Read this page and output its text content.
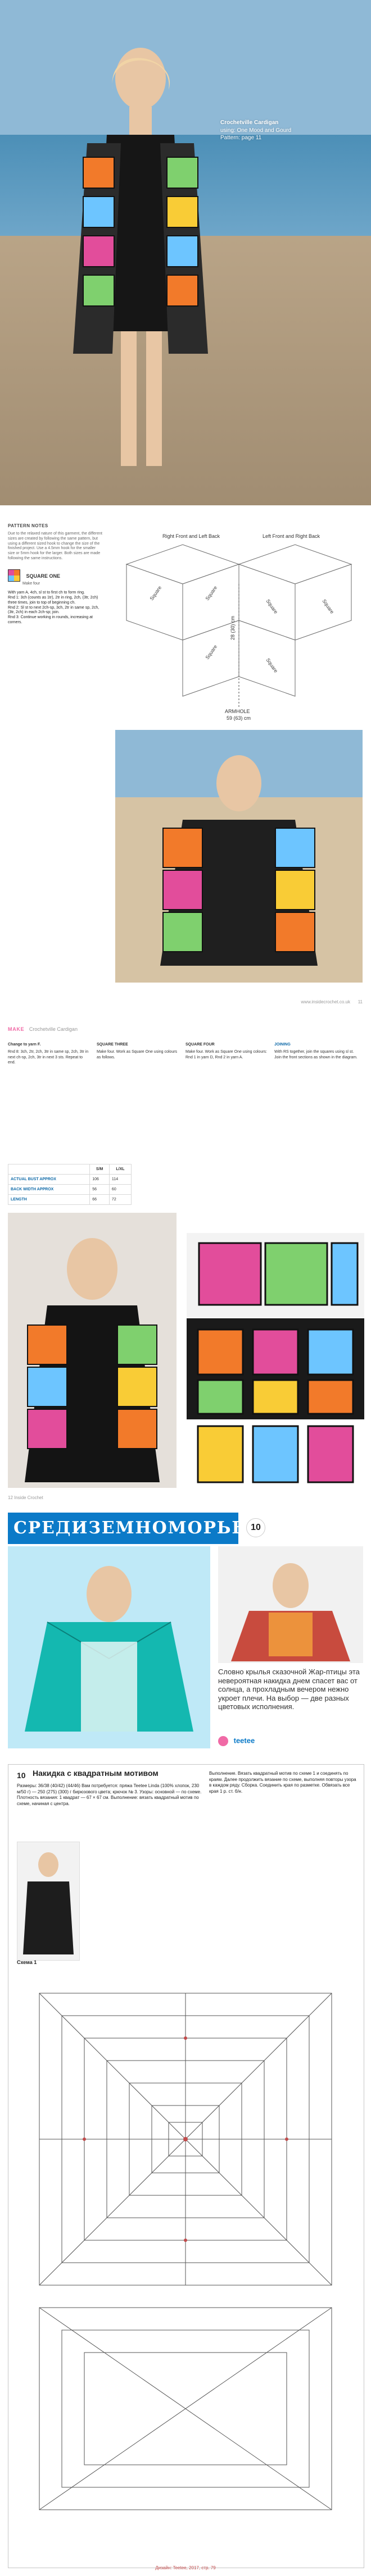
Crochetville Cardigan
using: One Mood and Gourd
Pattern: page 11
PATTERN NOTES
Due to the relaxed nature of this garment, the different sizes are created by following the same pattern, but using a different sized hook to change the size of the finished project. Use a 4.5mm hook for the smaller size or 5mm hook for the larger. Both sizes are made following the same instructions.
SQUARE ONE
Make four
With yarn A, 4ch, sl st to first ch to form ring.
Rnd 1: 3ch (counts as 1tr), 2tr in ring, 2ch, (3tr, 2ch) three times, join to top of beginning ch.
Rnd 2: Sl st to next 2ch-sp, 3ch, 2tr in same sp, 2ch, (3tr, 2ch) in each 2ch-sp; join.
Rnd 3: Continue working in rounds, increasing at corners.
Right Front and Left Back	Left Front and Right Back
Square	Square
Square	Square
Square
Square
28 (30) cm
ARMHOLE
59 (63) cm
www.insidecrochet.co.uk 11
MAKE Crochetville Cardigan
Change to yarn F.
Rnd 8: 3ch, 2tr, 2ch, 3tr in same sp, 2ch, 3tr in next ch-sp, 2ch, 3tr in next 3 sts. Repeat to end.
SQUARE THREE
Make four. Work as Square One using colours as follows.
SQUARE FOUR
Make four. Work as Square One using colours: Rnd 1 in yarn D, Rnd 2 in yarn A.
JOINING
With RS together, join the squares using sl st. Join the front sections as shown in the diagram.
	S/M	L/XL
ACTUAL BUST APPROX	106	114
BACK WIDTH APPROX	56	60
LENGTH	66	72
12 Inside Crochet
СРЕДИЗЕМНОМОРЬЕ 10
Словно крылья сказочной Жар-птицы эта невероятная накидка днем спасет вас от солнца, а прохладным вечером нежно укроет плечи. На выбор — две разных цветовых исполнения.
teetee
10 Накидка с квадратным мотивом
Размеры: 36/38 (40/42) (44/46) Вам потребуется: пряжа Teetee Linda (100% хлопок, 230 м/50 г) — 250 (275) (300) г бирюзового цвета; крючок № 3. Узоры: основной — по схеме. Плотность вязания: 1 квадрат — 67 × 67 см. Выполнение: вязать квадратный мотив по схеме, начиная с центра.
Выполнение. Вязать квадратный мотив по схеме 1 и соединять по краям. Далее продолжить вязание по схеме, выполняя повторы узора в каждом ряду. Сборка. Соединить края по разметке. Обвязать все края 1 р. ст. б/н.
Схема 1
Дизайн: Teetee, 2017, стр. 79
